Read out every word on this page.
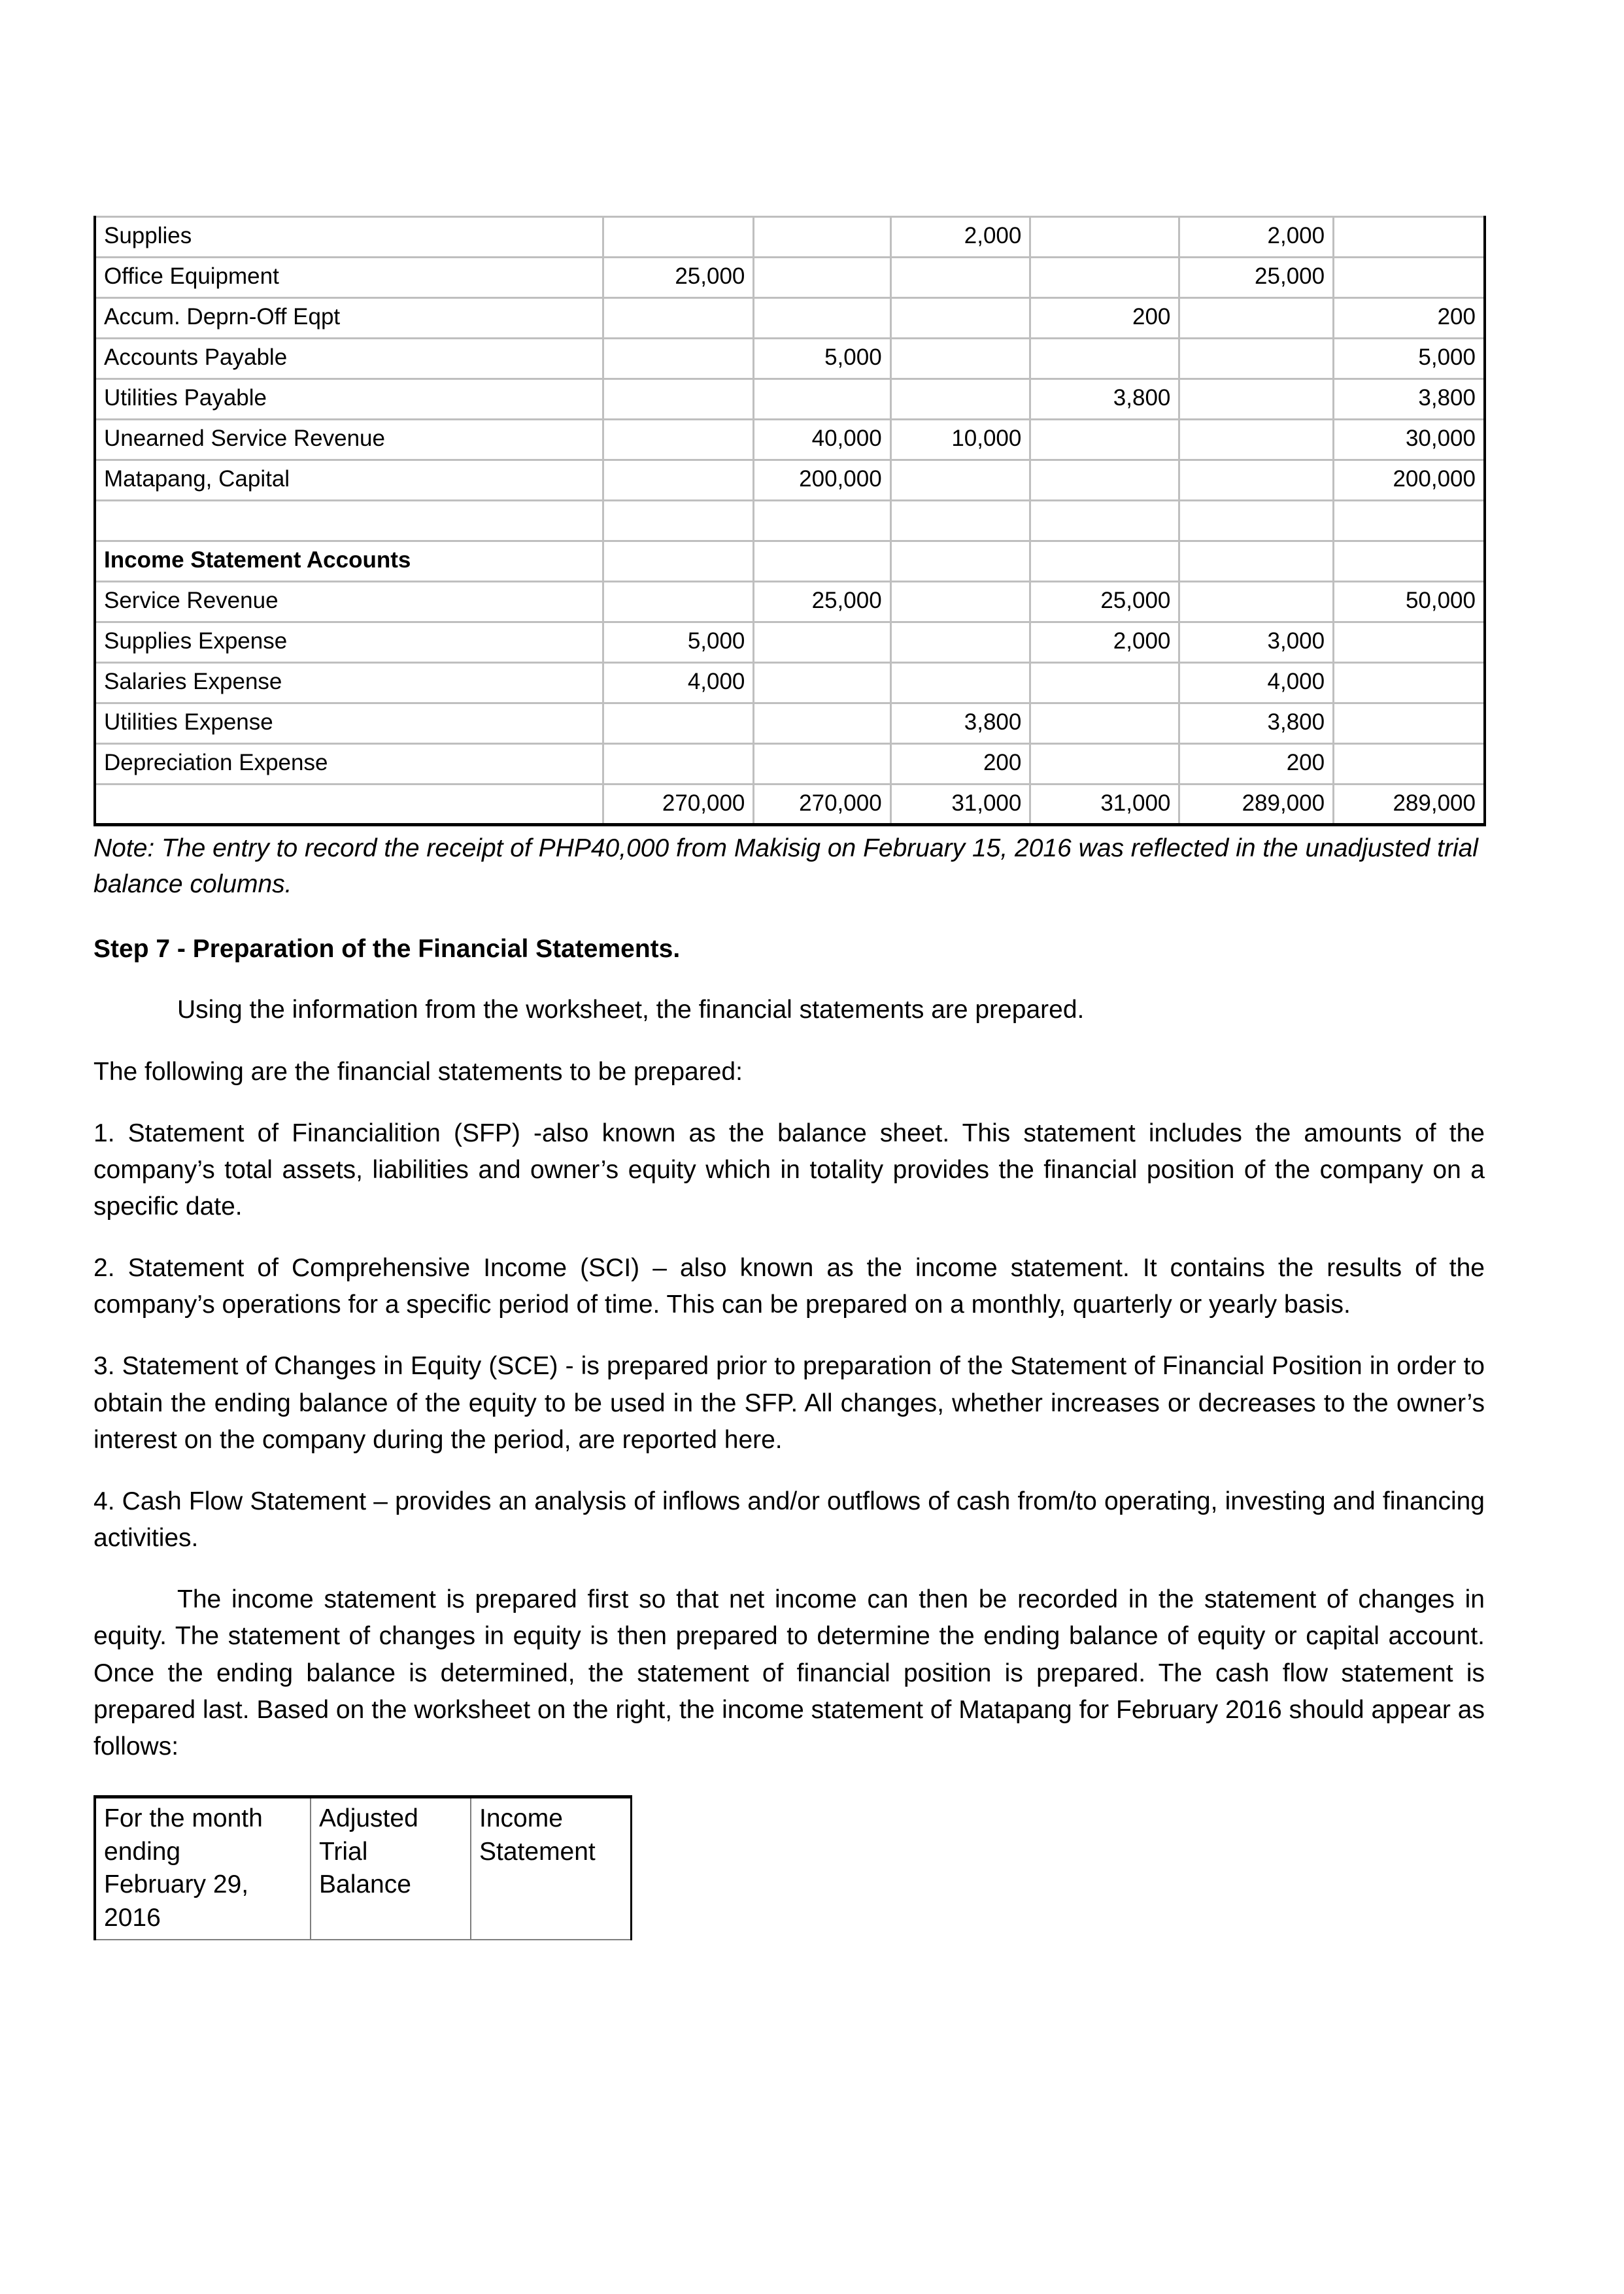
Supplies			2,000		2,000	
Office Equipment	25,000				25,000	
Accum. Deprn-Off Eqpt				200		200
Accounts Payable		5,000				5,000
Utilities Payable				3,800		3,800
Unearned Service Revenue		40,000	10,000			30,000
Matapang, Capital		200,000				200,000

Income Statement Accounts						
Service Revenue		25,000		25,000		50,000
Supplies Expense	5,000			2,000	3,000	
Salaries Expense	4,000				4,000	
Utilities Expense			3,800		3,800	
Depreciation Expense			200		200	
	270,000	270,000	31,000	31,000	289,000	289,000
Note: The entry to record the receipt of PHP40,000 from Makisig on February 15, 2016 was reflected in the unadjusted trial balance columns.
Step 7 - Preparation of the Financial Statements.

Using the information from the worksheet, the financial statements are prepared.

The following are the financial statements to be prepared:

1. Statement of Financialition (SFP) -also known as the balance sheet. This statement includes the amounts of the company’s total assets, liabilities and owner’s equity which in totality provides the financial position of the company on a specific date.

2. Statement of Comprehensive Income (SCI) – also known as the income statement. It contains the results of the company’s operations for a specific period of time. This can be prepared on a monthly, quarterly or yearly basis.

3. Statement of Changes in Equity (SCE) - is prepared prior to preparation of the Statement of Financial Position in order to obtain the ending balance of the equity to be used in the SFP. All changes, whether increases or decreases to the owner’s interest on the company during the period, are reported here.

4. Cash Flow Statement – provides an analysis of inflows and/or outflows of cash from/to operating, investing and financing activities.

The income statement is prepared first so that net income can then be recorded in the statement of changes in equity. The statement of changes in equity is then prepared to determine the ending balance of equity or capital account. Once the ending balance is determined, the statement of financial position is prepared. The cash flow statement is prepared last. Based on the worksheet on the right, the income statement of Matapang for February 2016 should appear as follows:

For the month ending
February 29, 2016

Adjusted Trial
Balance

Income
Statement
